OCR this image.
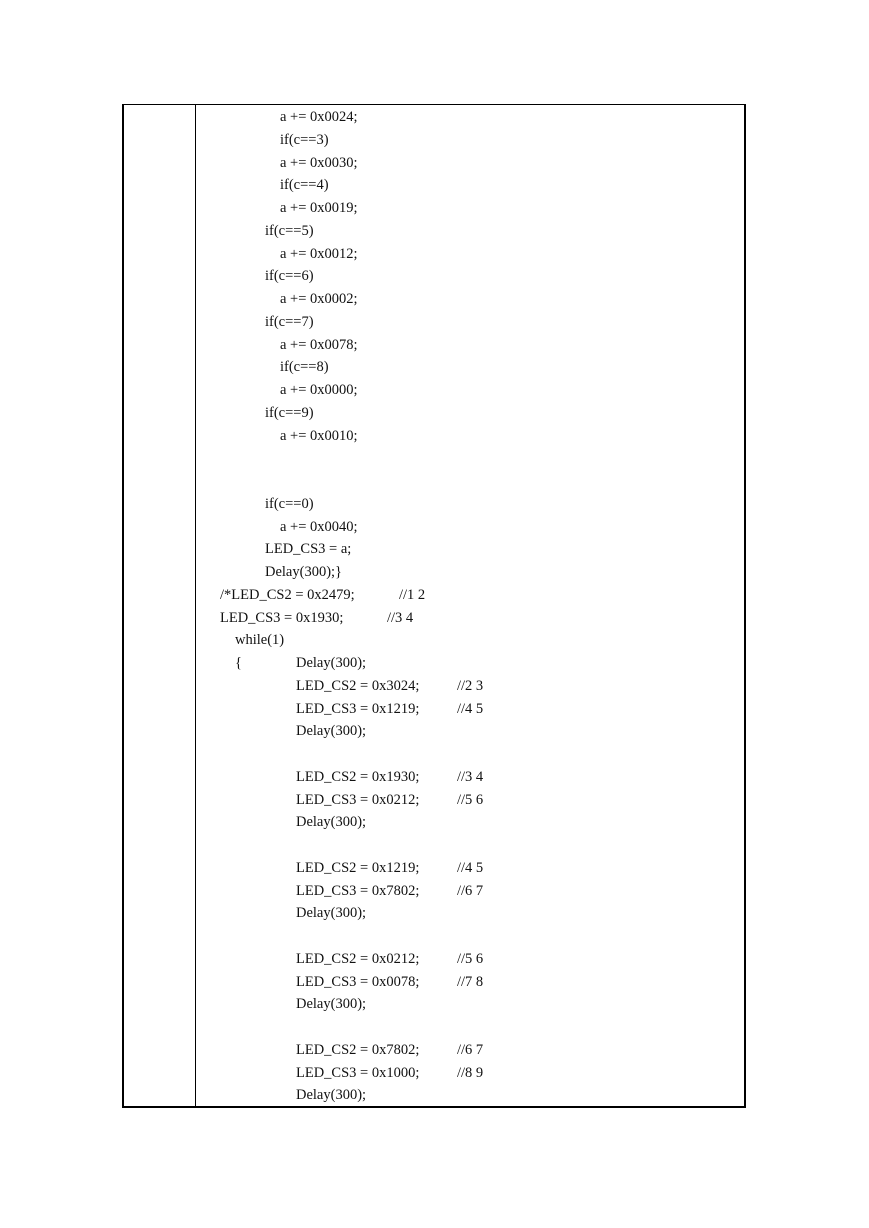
a += 0x0024;
if(c==3)
a += 0x0030;
if(c==4)
a += 0x0019;
if(c==5)
a += 0x0012;
if(c==6)
a += 0x0002;
if(c==7)
a += 0x0078;
if(c==8)
a += 0x0000;
if(c==9)
a += 0x0010;
if(c==0)
a += 0x0040;
LED_CS3 = a;
Delay(300);}
/*LED_CS2 = 0x2479;	//1 2
LED_CS3 = 0x1930;	//3 4
while(1)
{	Delay(300);
LED_CS2 = 0x3024;	//2 3
LED_CS3 = 0x1219;	//4 5
Delay(300);
LED_CS2 = 0x1930;	//3 4
LED_CS3 = 0x0212;	//5 6
Delay(300);
LED_CS2 = 0x1219;	//4 5
LED_CS3 = 0x7802;	//6 7
Delay(300);
LED_CS2 = 0x0212;	//5 6
LED_CS3 = 0x0078;	//7 8
Delay(300);
LED_CS2 = 0x7802;	//6 7
LED_CS3 = 0x1000;	//8 9
Delay(300);
